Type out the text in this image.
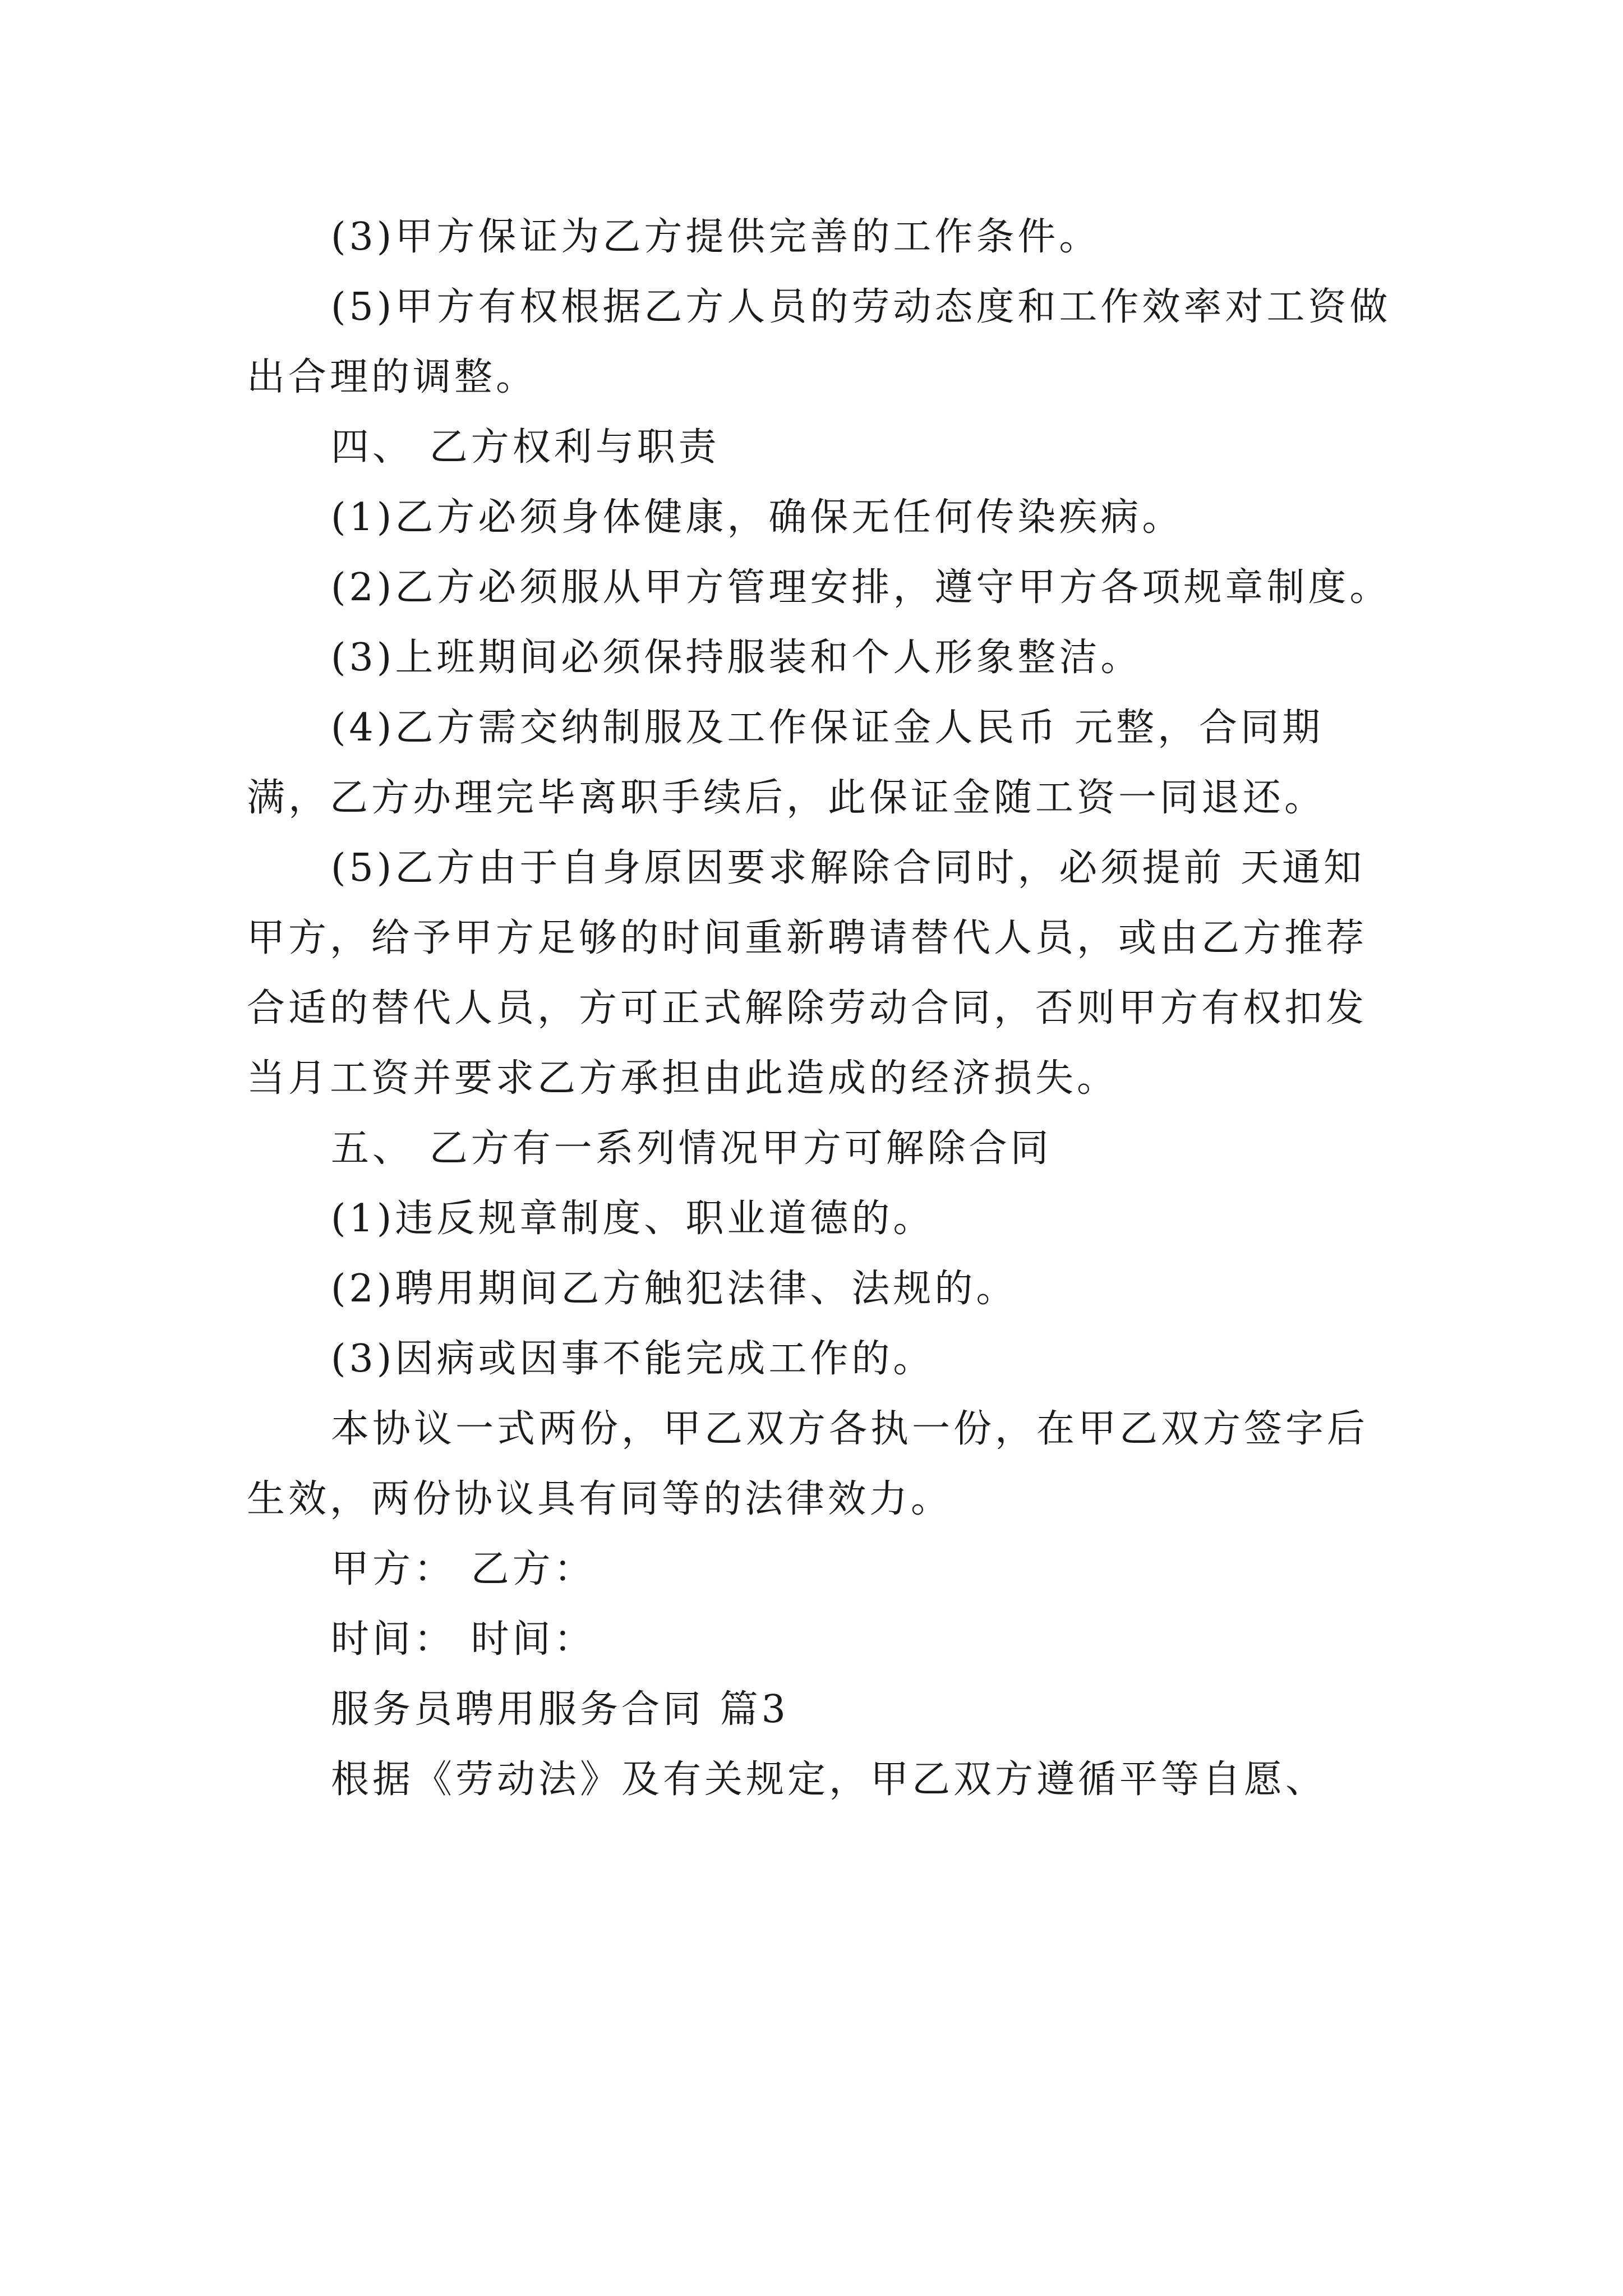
(3)甲方保证为乙方提供完善的工作条件。

(5)甲方有权根据乙方人员的劳动态度和工作效率对工资做出合理的调整。

四、 乙方权利与职责

(1)乙方必须身体健康，确保无任何传染疾病。

(2)乙方必须服从甲方管理安排，遵守甲方各项规章制度。

(3)上班期间必须保持服装和个人形象整洁。

(4)乙方需交纳制服及工作保证金人民币 元整，合同期满，乙方办理完毕离职手续后，此保证金随工资一同退还。

(5)乙方由于自身原因要求解除合同时，必须提前 天通知甲方，给予甲方足够的时间重新聘请替代人员，或由乙方推荐合适的替代人员，方可正式解除劳动合同，否则甲方有权扣发当月工资并要求乙方承担由此造成的经济损失。

五、 乙方有一系列情况甲方可解除合同

(1)违反规章制度、职业道德的。

(2)聘用期间乙方触犯法律、法规的。

(3)因病或因事不能完成工作的。

本协议一式两份，甲乙双方各执一份，在甲乙双方签字后生效，两份协议具有同等的法律效力。

甲方： 乙方：

时间： 时间：

服务员聘用服务合同 篇3

根据《劳动法》及有关规定，甲乙双方遵循平等自愿、
